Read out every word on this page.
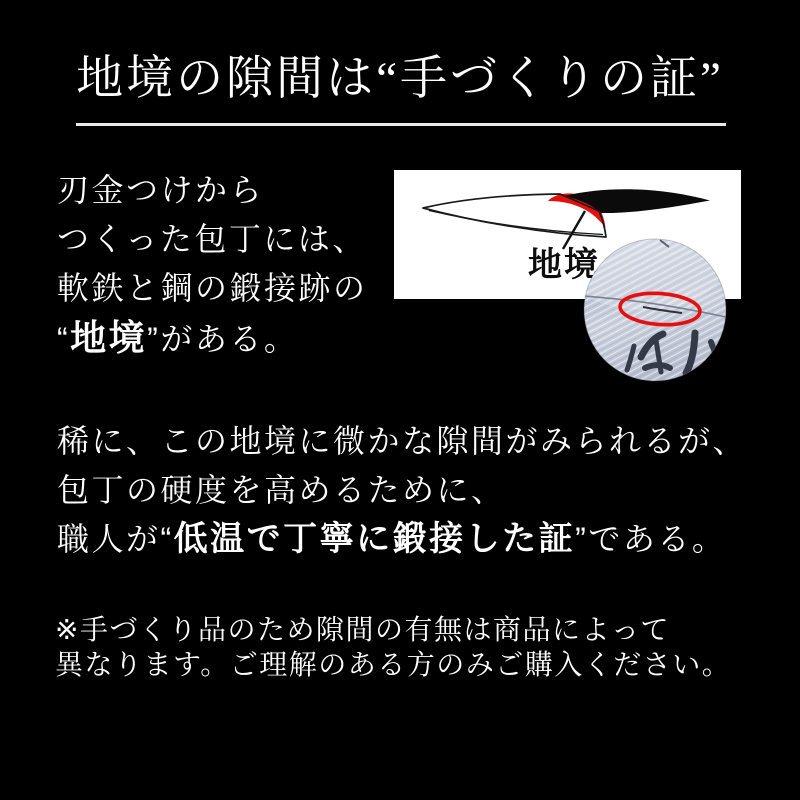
地境の隙間は“手づくりの証”
刃金つけから
つくった包丁には、
軟鉄と鋼の鍛接跡の
“地境”がある。
地境
稀に、この地境に微かな隙間がみられるが、
包丁の硬度を高めるために、
職人が“低温で丁寧に鍛接した証”である。
※手づくり品のため隙間の有無は商品によって
異なります。ご理解のある方のみご購入ください。
